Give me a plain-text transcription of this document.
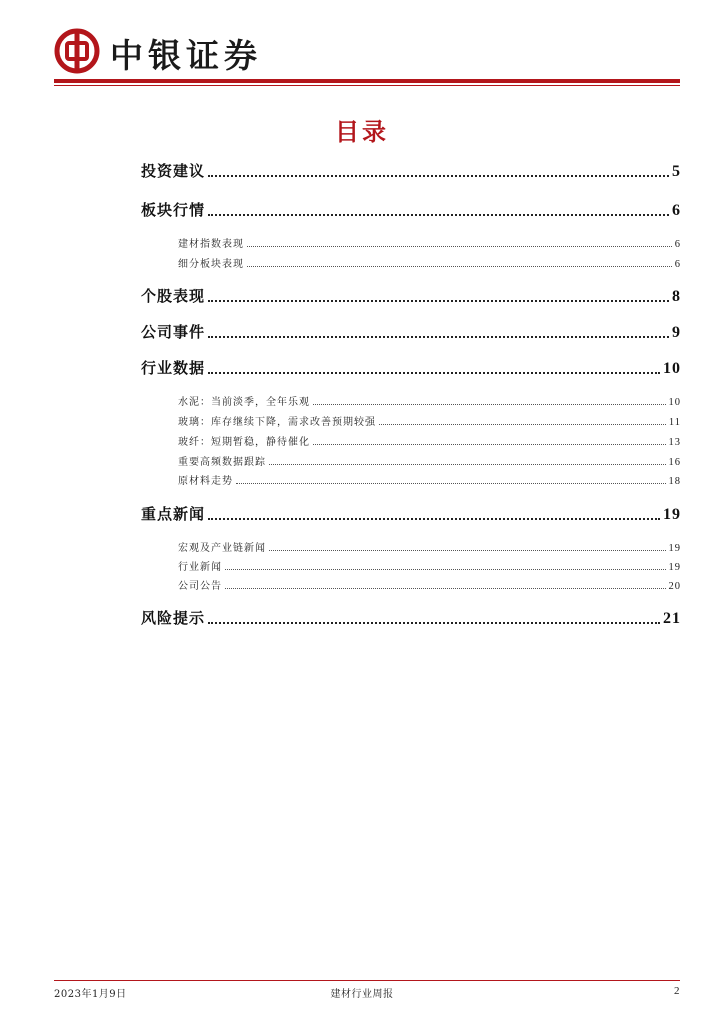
中银证券
目录
投资建议	5
板块行情	6
建材指数表现	6
细分板块表现	6
个股表现	8
公司事件	9
行业数据	10
水泥：当前淡季，全年乐观	10
玻璃：库存继续下降，需求改善预期较强	11
玻纤：短期暂稳，静待催化	13
重要高频数据跟踪	16
原材料走势	18
重点新闻	19
宏观及产业链新闻	19
行业新闻	19
公司公告	20
风险提示	21
2023年1月9日	建材行业周报	2
